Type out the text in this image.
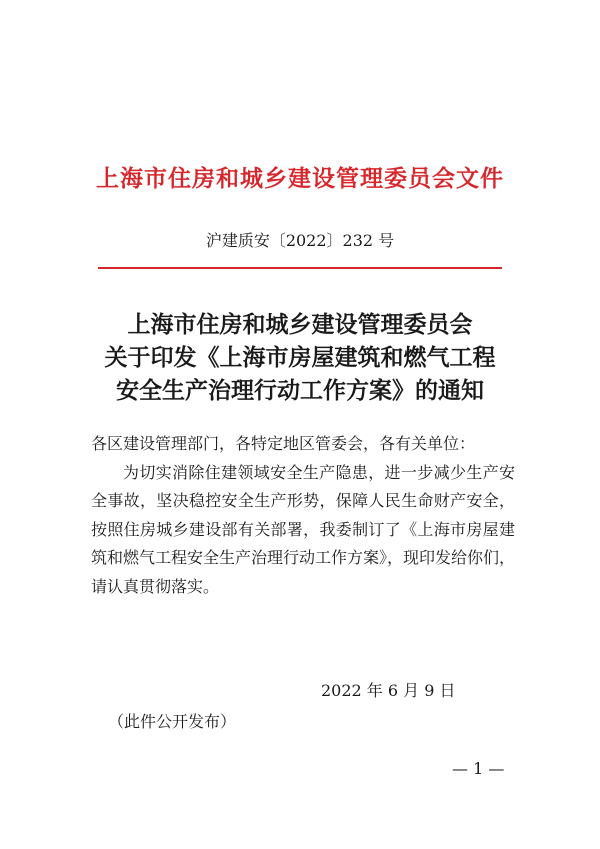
上海市住房和城乡建设管理委员会文件
沪建质安〔2022〕232 号
上海市住房和城乡建设管理委员会
关于印发《上海市房屋建筑和燃气工程
安全生产治理行动工作方案》的通知
各区建设管理部门，各特定地区管委会，各有关单位：
为切实消除住建领域安全生产隐患，进一步减少生产安全事故，坚决稳控安全生产形势，保障人民生命财产安全，按照住房城乡建设部有关部署，我委制订了《上海市房屋建筑和燃气工程安全生产治理行动工作方案》，现印发给你们，请认真贯彻落实。
2022 年 6 月 9 日
（此件公开发布）
— 1 —
